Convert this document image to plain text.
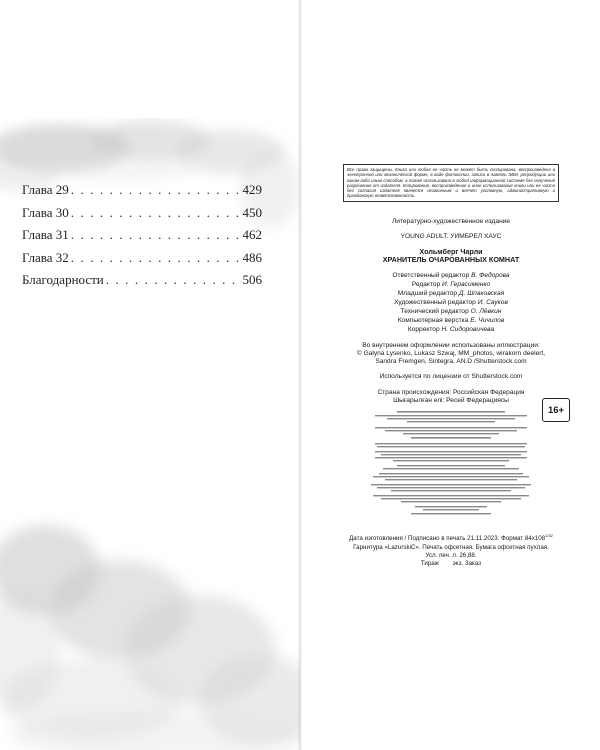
Глава 29 . . .	429
Глава 30 . . .	450
Глава 31 . . .	462
Глава 32 . . .	486
Благодарности . . .	506
Все права защищены. Книга или любая ее часть не может быть скопирована, воспроизведена в электронной или механической форме, в виде фотокопии, записи в память ЭВМ, репродукции или каким-либо иным способом, а также использована в любой информационной системе без получения разрешения от издателя. Копирование, воспроизведение и иное использование книги или ее части без согласия издателя является незаконным и влечет уголовную, административную и гражданскую ответственность.

Литературно-художественное издание

YOUNG ADULT. УИМБРЕЛ ХАУС

Хольмберг Чарли

ХРАНИТЕЛЬ ОЧАРОВАННЫХ КОМНАТ

Ответственный редактор В. Федорова

Редактор И. Герасименко

Младший редактор Д. Шпаковская

Художественный редактор И. Сауков

Технический редактор О. Лёвкин

Компьютерная верстка Е. Чичилов

Корректор Н. Сидоровичева

Во внутреннем оформлении использованы иллюстрации:

© Galyna Lysenko, Lukasz Szwaj, MM_photos, wirakorn deelert,

Sandra Fremgen, Sintegra, AN.D /Shutterstock.com

Используется по лицензии от Shutterstock.com

Страна происхождения: Российская Федерация

Шығарылған елі: Ресей Федерациясы

Дата изготовления / Подписано в печать 21.11.2023. Формат $84x108^{1/32}$

Гарнитура «LazurskiC». Печать офсетная. Бумага офсетная пухлая.

Усл. печ. л. 26,88.

Тираж        экз. Заказ

16+
